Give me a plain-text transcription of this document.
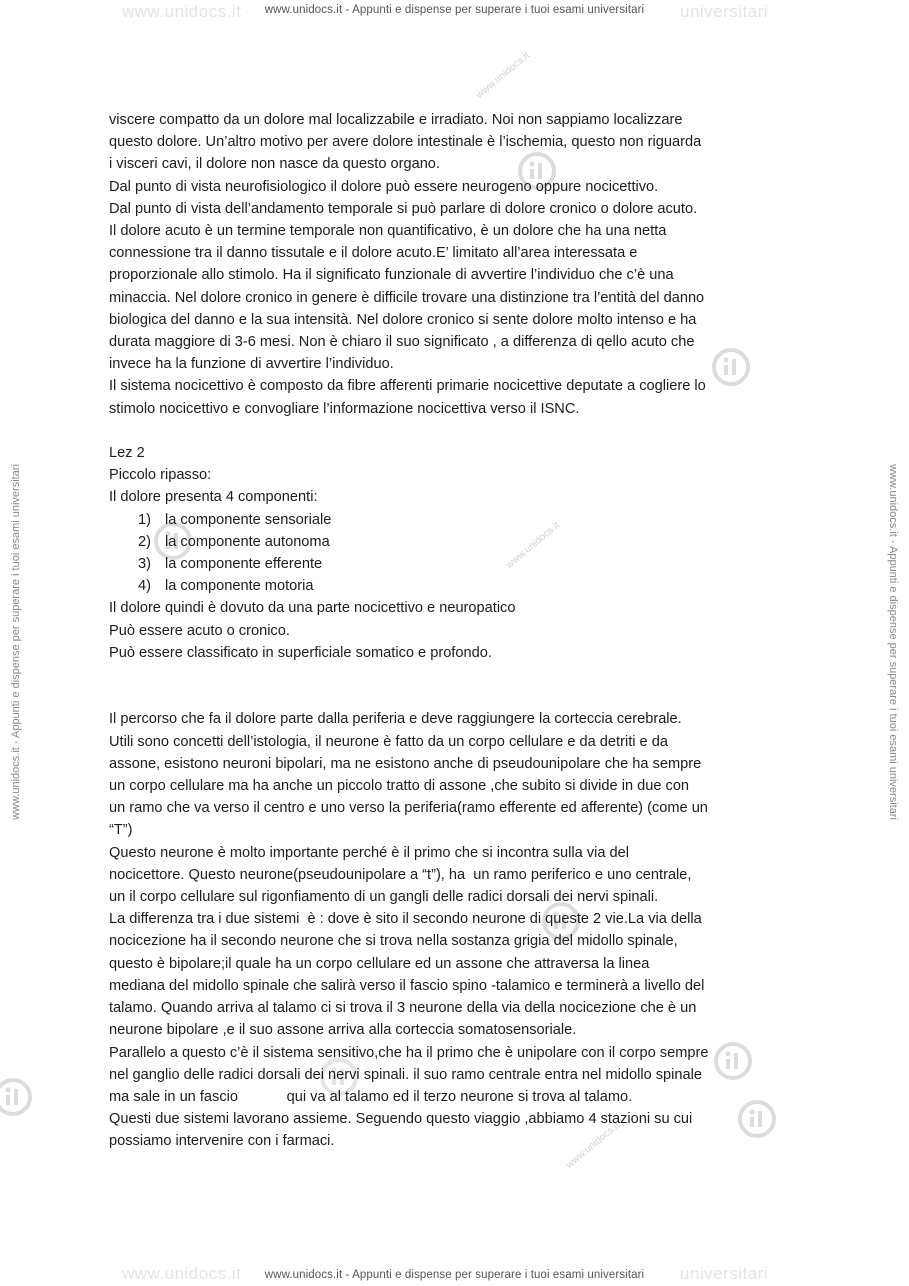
www.unidocs.it	universitari
www.unidocs.it	universitari
www.unidocs.it
www.unidocs.it
www.unidocs.it
www.unidocs.it - Appunti e dispense per superare i tuoi esami universitari
www.unidocs.it - Appunti e dispense per superare i tuoi esami universitari
www.unidocs.it - Appunti e dispense per superare i tuoi esami universitari	www.unidocs.it - Appunti e dispense per superare i tuoi esami universitari

viscere compatto da un dolore mal localizzabile e irradiato. Noi non sappiamo localizzare

questo dolore. Un’altro motivo per avere dolore intestinale è l’ischemia, questo non riguarda

i visceri cavi, il dolore non nasce da questo organo.

Dal punto di vista neurofisiologico il dolore può essere neurogeno oppure nocicettivo.

Dal punto di vista dell’andamento temporale si può parlare di dolore cronico o dolore acuto.

Il dolore acuto è un termine temporale non quantificativo, è un dolore che ha una netta

connessione tra il danno tissutale e il dolore acuto.E’ limitato all’area interessata e

proporzionale allo stimolo. Ha il significato funzionale di avvertire l’individuo che c’è una

minaccia. Nel dolore cronico in genere è difficile trovare una distinzione tra l’entità del danno

biologica del danno e la sua intensità. Nel dolore cronico si sente dolore molto intenso e ha

durata maggiore di 3-6 mesi. Non è chiaro il suo significato , a differenza di qello acuto che

invece ha la funzione di avvertire l’individuo.

Il sistema nocicettivo è composto da fibre afferenti primarie nocicettive deputate a cogliere lo

stimolo nocicettivo e convogliare l’informazione nocicettiva verso il ISNC.

Lez 2

Piccolo ripasso:

Il dolore presenta 4 componenti:

1) la componente sensoriale
2) la componente autonoma
3) la componente efferente
4) la componente motoria

Il dolore quindi è dovuto da una parte nocicettivo e neuropatico

Può essere acuto o cronico.

Può essere classificato in superficiale somatico e profondo.

Il percorso che fa il dolore parte dalla periferia e deve raggiungere la corteccia cerebrale.

Utili sono concetti dell’istologia, il neurone è fatto da un corpo cellulare e da detriti e da

assone, esistono neuroni bipolari, ma ne esistono anche di pseudounipolare che ha sempre

un corpo cellulare ma ha anche un piccolo tratto di assone ,che subito si divide in due con

un ramo che va verso il centro e uno verso la periferia(ramo efferente ed afferente) (come un

“T”)

Questo neurone è molto importante perché è il primo che si incontra sulla via del

nocicettore. Questo neurone(pseudounipolare a “t”), ha  un ramo periferico e uno centrale,

un il corpo cellulare sul rigonfiamento di un gangli delle radici dorsali dei nervi spinali.

La differenza tra i due sistemi  è : dove è sito il secondo neurone di queste 2 vie.La via della

nocicezione ha il secondo neurone che si trova nella sostanza grigia del midollo spinale,

questo è bipolare;il quale ha un corpo cellulare ed un assone che attraversa la linea

mediana del midollo spinale che salirà verso il fascio spino -talamico e terminerà a livello del

talamo. Quando arriva al talamo ci si trova il 3 neurone della via della nocicezione che è un

neurone bipolare ,e il suo assone arriva alla corteccia somatosensoriale.

Parallelo a questo c’è il sistema sensitivo,che ha il primo che è unipolare con il corpo sempre

nel ganglio delle radici dorsali dei nervi spinali. il suo ramo centrale entra nel midollo spinale

ma sale in un fascio            qui va al talamo ed il terzo neurone si trova al talamo.

Questi due sistemi lavorano assieme. Seguendo questo viaggio ,abbiamo 4 stazioni su cui

possiamo intervenire con i farmaci.
